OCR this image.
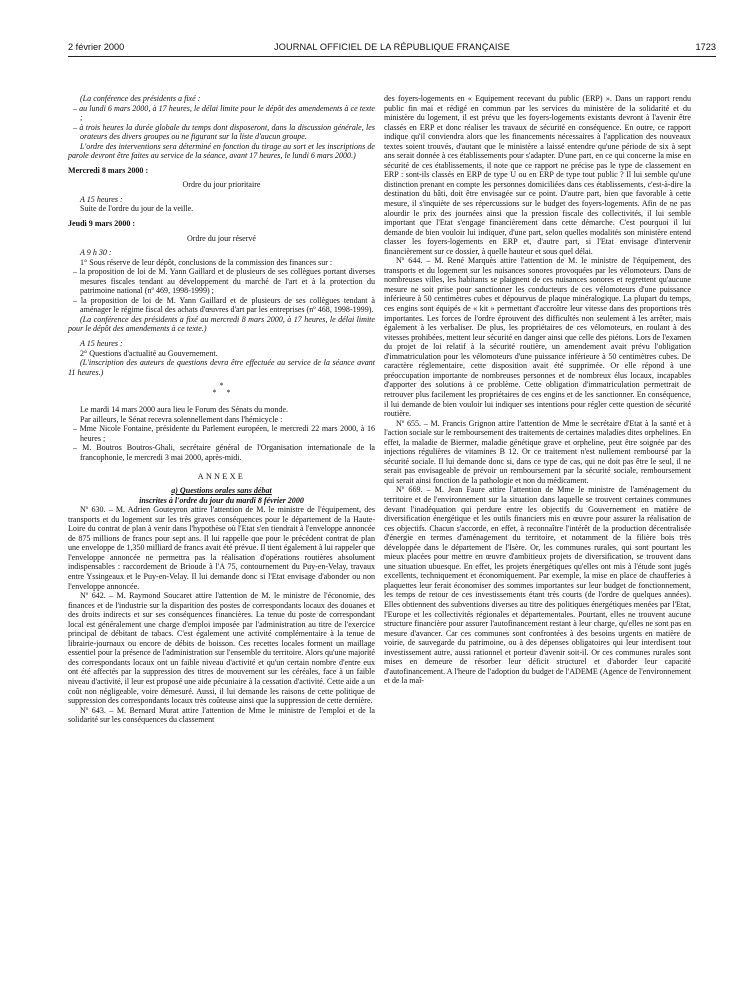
2 février 2000	JOURNAL OFFICIEL DE LA RÉPUBLIQUE FRANÇAISE	1723

(La conférence des présidents a fixé :

– au lundi 6 mars 2000, à 17 heures, le délai limite pour le dépôt des amendements à ce texte ;

– à trois heures la durée globale du temps dont disposeront, dans la discussion générale, les orateurs des divers groupes ou ne figurant sur la liste d'aucun groupe.

L'ordre des interventions sera déterminé en fonction du tirage au sort et les inscriptions de parole devront être faites au service de la séance, avant 17 heures, le lundi 6 mars 2000.)

Mercredi 8 mars 2000 :

Ordre du jour prioritaire

A 15 heures :

Suite de l'ordre du jour de la veille.

Jeudi 9 mars 2000 :

Ordre du jour réservé

A 9 h 30 :

1° Sous réserve de leur dépôt, conclusions de la commission des finances sur :

– la proposition de loi de M. Yann Gaillard et de plusieurs de ses collègues portant diverses mesures fiscales tendant au développement du marché de l'art et à la protection du patrimoine national (nº 469, 1998-1999) ;

– la proposition de loi de M. Yann Gaillard et de plusieurs de ses collègues tendant à aménager le régime fiscal des achats d'œuvres d'art par les entreprises (nº 468, 1998-1999).

(La conférence des présidents a fixé au mercredi 8 mars 2000, à 17 heures, le délai limite pour le dépôt des amendements à ce texte.)

A 15 heures :

2° Questions d'actualité au Gouvernement.

(L'inscription des auteurs de questions devra être effectuée au service de la séance avant 11 heures.)

*
*     *

Le mardi 14 mars 2000 aura lieu le Forum des Sénats du monde.

Par ailleurs, le Sénat recevra solennellement dans l'hémicycle :

– Mme Nicole Fontaine, présidente du Parlement européen, le mercredi 22 mars 2000, à 16 heures ;

– M. Boutros Boutros-Ghali, secrétaire général de l'Organisation internationale de la francophonie, le mercredi 3 mai 2000, après-midi.

ANNEXE

a) Questions orales sans débat

inscrites à l'ordre du jour du mardi 8 février 2000

Nº 630. – M. Adrien Gouteyron attire l'attention de M. le ministre de l'équipement, des transports et du logement sur les très graves conséquences pour le département de la Haute-Loire du contrat de plan à venir dans l'hypothèse où l'Etat s'en tiendrait à l'enveloppe annoncée de 875 millions de francs pour sept ans. Il lui rappelle que pour le précédent contrat de plan une enveloppe de 1,350 milliard de francs avait été prévue. Il tient également à lui rappeler que l'enveloppe annoncée ne permettra pas la réalisation d'opérations routières absolument indispensables : raccordement de Brioude à l'A 75, contournement du Puy-en-Velay, travaux entre Yssingeaux et le Puy-en-Velay. Il lui demande donc si l'Etat envisage d'abonder ou non l'enveloppe annoncée.

Nº 642. – M. Raymond Soucaret attire l'attention de M. le ministre de l'économie, des finances et de l'industrie sur la disparition des postes de correspondants locaux des douanes et des droits indirects et sur ses conséquences financières. La tenue du poste de correspondant local est généralement une charge d'emploi imposée par l'administration au titre de l'exercice principal de débitant de tabacs. C'est également une activité complémentaire à la tenue de librairie-journaux ou encore de débits de boisson. Ces recettes locales forment un maillage essentiel pour la présence de l'administration sur l'ensemble du territoire. Alors qu'une majorité des correspondants locaux ont un faible niveau d'activité et qu'un certain nombre d'entre eux ont été affectés par la suppression des titres de mouvement sur les céréales, face à un faible niveau d'activité, il leur est proposé une aide pécuniaire à la cessation d'activité. Cette aide a un coût non négligeable, voire démesuré. Aussi, il lui demande les raisons de cette politique de suppression des correspondants locaux très coûteuse ainsi que la suppression de cette dernière.

Nº 643. – M. Bernard Murat attire l'attention de Mme le ministre de l'emploi et de la solidarité sur les conséquences du classement

des foyers-logements en « Equipement recevant du public (ERP) ». Dans un rapport rendu public fin mai et rédigé en commun par les services du ministère de la solidarité et du ministère du logement, il est prévu que les foyers-logements existants devront à l'avenir être classés en ERP et donc réaliser les travaux de sécurité en conséquence. En outre, ce rapport indique qu'il conviendra alors que les financements nécessaires à l'application des nouveaux textes soient trouvés, d'autant que le ministère a laissé entendre qu'une période de six à sept ans serait donnée à ces établissements pour s'adapter. D'une part, en ce qui concerne la mise en sécurité de ces établissements, il note que ce rapport ne précise pas le type de classement en ERP : sont-ils classés en ERP de type U ou en ERP de type tout public ? Il lui semble qu'une distinction prenant en compte les personnes domiciliées dans ces établissements, c'est-à-dire la destination du bâti, doit être envisagée sur ce point. D'autre part, bien que favorable à cette mesure, il s'inquiète de ses répercussions sur le budget des foyers-logements. Afin de ne pas alourdir le prix des journées ainsi que la pression fiscale des collectivités, il lui semble important que l'Etat s'engage financièrement dans cette démarche. C'est pourquoi il lui demande de bien vouloir lui indiquer, d'une part, selon quelles modalités son ministère entend classer les foyers-logements en ERP et, d'autre part, si l'Etat envisage d'intervenir financièrement sur ce dossier, à quelle hauteur et sous quel délai.

Nº 644. – M. René Marquès attire l'attention de M. le ministre de l'équipement, des transports et du logement sur les nuisances sonores provoquées par les vélomoteurs. Dans de nombreuses villes, les habitants se plaignent de ces nuisances sonores et regrettent qu'aucune mesure ne soit prise pour sanctionner les conducteurs de ces vélomoteurs d'une puissance inférieure à 50 centimètres cubes et dépourvus de plaque minéralogique. La plupart du temps, ces engins sont équipés de « kit » permettant d'accroître leur vitesse dans des proportions très importantes. Les forces de l'ordre éprouvent des difficultés non seulement à les arrêter, mais également à les verbaliser. De plus, les propriétaires de ces vélomoteurs, en roulant à des vitesses prohibées, mettent leur sécurité en danger ainsi que celle des piétons. Lors de l'examen du projet de loi relatif à la sécurité routière, un amendement avait prévu l'obligation d'immatriculation pour les vélomoteurs d'une puissance inférieure à 50 centimètres cubes. De caractère réglementaire, cette disposition avait été supprimée. Or elle répond à une préoccupation importante de nombreuses personnes et de nombreux élus locaux, incapables d'apporter des solutions à ce problème. Cette obligation d'immatriculation permettrait de retrouver plus facilement les propriétaires de ces engins et de les sanctionner. En conséquence, il lui demande de bien vouloir lui indiquer ses intentions pour régler cette question de sécurité routière.

Nº 655. – M. Francis Grignon attire l'attention de Mme le secrétaire d'Etat à la santé et à l'action sociale sur le remboursement des traitements de certaines maladies dites orphelines. En effet, la maladie de Biermer, maladie génétique grave et orpheline, peut être soignée par des injections régulières de vitamines B 12. Or ce traitement n'est nullement remboursé par la sécurité sociale. Il lui demande donc si, dans ce type de cas, qui ne doit pas être le seul, il ne serait pas envisageable de prévoir un remboursement par la sécurité sociale, remboursement qui serait ainsi fonction de la pathologie et non du médicament.

Nº 669. – M. Jean Faure attire l'attention de Mme le ministre de l'aménagement du territoire et de l'environnement sur la situation dans laquelle se trouvent certaines communes devant l'inadéquation qui perdure entre les objectifs du Gouvernement en matière de diversification énergétique et les outils financiers mis en œuvre pour assurer la réalisation de ces objectifs. Chacun s'accorde, en effet, à reconnaître l'intérêt de la production décentralisée d'énergie en termes d'aménagement du territoire, et notamment de la filière bois très développée dans le département de l'Isère. Or, les communes rurales, qui sont pourtant les mieux placées pour mettre en œuvre d'ambitieux projets de diversification, se trouvent dans une situation ubuesque. En effet, les projets énergétiques qu'elles ont mis à l'étude sont jugés excellents, techniquement et économiquement. Par exemple, la mise en place de chaufferies à plaquettes leur ferait économiser des sommes importantes sur leur budget de fonctionnement, les temps de retour de ces investissements étant très courts (de l'ordre de quelques années). Elles obtiennent des subventions diverses au titre des politiques énergétiques menées par l'Etat, l'Europe et les collectivités régionales et départementales. Pourtant, elles ne trouvent aucune structure financière pour assurer l'autofinancement restant à leur charge, qu'elles ne sont pas en mesure d'avancer. Car ces communes sont confrontées à des besoins urgents en matière de voirie, de sauvegarde du patrimoine, ou à des dépenses obligatoires qui leur interdisent tout investissement autre, aussi rationnel et porteur d'avenir soit-il. Or ces communes rurales sont mises en demeure de résorber leur déficit structurel et d'aborder leur capacité d'autofinancement. A l'heure de l'adoption du budget de l'ADEME (Agence de l'environnement et de la maî-
